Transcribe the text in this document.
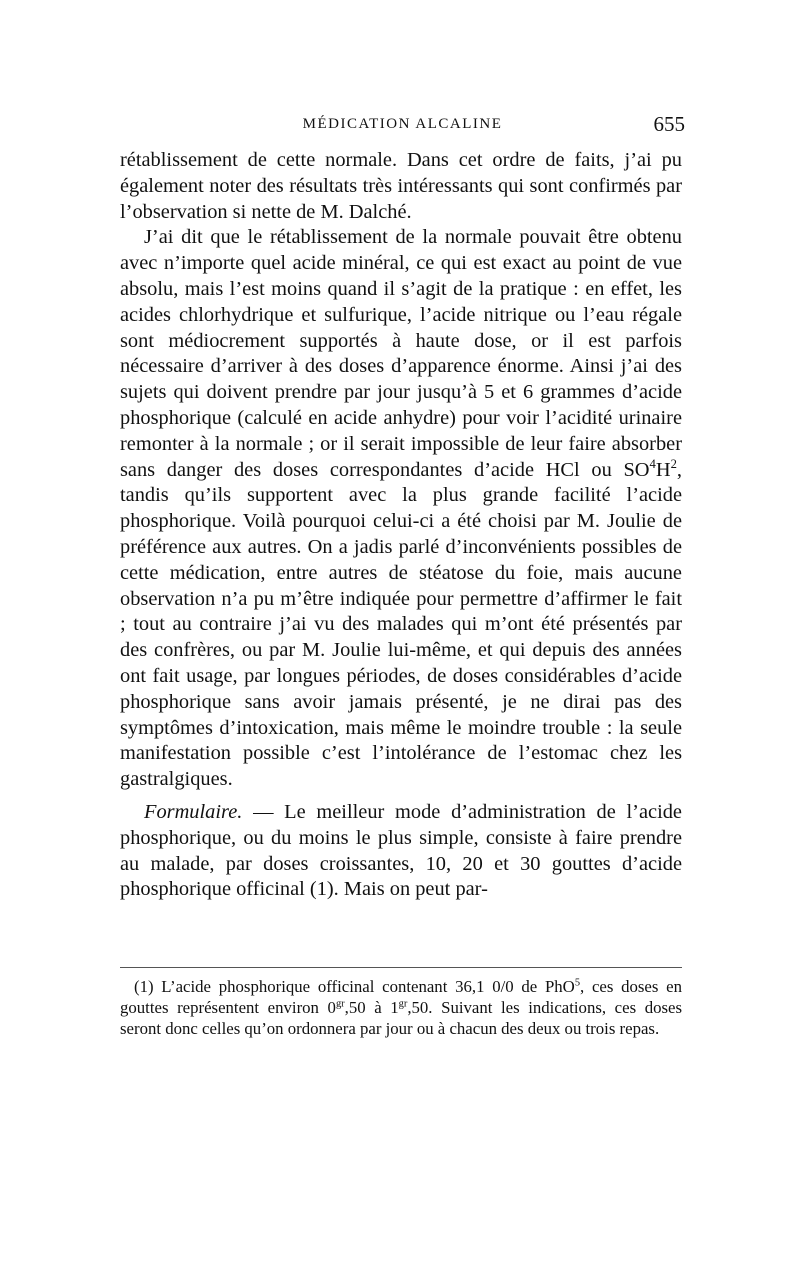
MÉDICATION ALCALINE	655

rétablissement de cette normale. Dans cet ordre de faits, j’ai pu également noter des résultats très intéressants qui sont confirmés par l’observation si nette de M. Dalché.

J’ai dit que le rétablissement de la normale pouvait être obtenu avec n’importe quel acide minéral, ce qui est exact au point de vue absolu, mais l’est moins quand il s’agit de la pratique : en effet, les acides chlorhydrique et sulfurique, l’acide nitrique ou l’eau régale sont médiocrement supportés à haute dose, or il est parfois nécessaire d’arriver à des doses d’apparence énorme. Ainsi j’ai des sujets qui doivent prendre par jour jusqu’à 5 et 6 grammes d’acide phosphorique (calculé en acide anhydre) pour voir l’acidité urinaire remonter à la normale ; or il serait impossible de leur faire absorber sans danger des doses correspondantes d’acide HCl ou $SO^4H^2$, tandis qu’ils supportent avec la plus grande facilité l’acide phosphorique. Voilà pourquoi celui-ci a été choisi par M. Joulie de préférence aux autres. On a jadis parlé d’inconvénients possibles de cette médication, entre autres de stéatose du foie, mais aucune observation n’a pu m’être indiquée pour permettre d’affirmer le fait ; tout au contraire j’ai vu des malades qui m’ont été présentés par des confrères, ou par M. Joulie lui-même, et qui depuis des années ont fait usage, par longues périodes, de doses considérables d’acide phosphorique sans avoir jamais présenté, je ne dirai pas des symptômes d’intoxication, mais même le moindre trouble : la seule manifestation possible c’est l’intolérance de l’estomac chez les gastralgiques.

Formulaire. — Le meilleur mode d’administration de l’acide phosphorique, ou du moins le plus simple, consiste à faire prendre au malade, par doses croissantes, 10, 20 et 30 gouttes d’acide phosphorique officinal (1). Mais on peut par-

(1) L’acide phosphorique officinal contenant 36,1 0/0 de PhO$^5$, ces doses en gouttes représentent environ $0^{gr},50$ à $1^{gr},50$. Suivant les indications, ces doses seront donc celles qu’on ordonnera par jour ou à chacun des deux ou trois repas.
